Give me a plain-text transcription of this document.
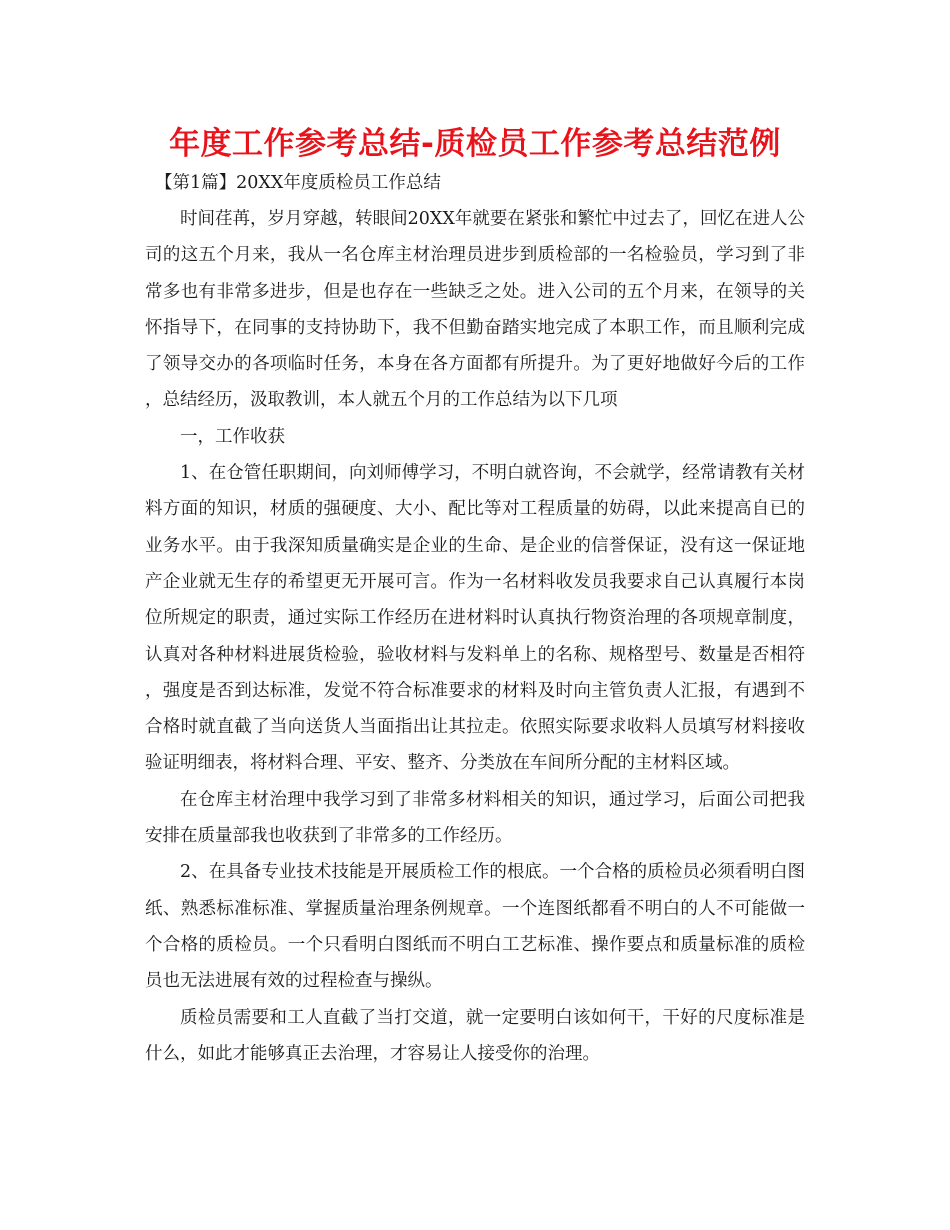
年度工作参考总结-质检员工作参考总结范例

【第1篇】20XX年度质检员工作总结

时间荏苒，岁月穿越，转眼间20XX年就要在紧张和繁忙中过去了，回忆在进人公司的这五个月来，我从一名仓库主材治理员进步到质检部的一名检验员，学习到了非常多也有非常多进步，但是也存在一些缺乏之处。进入公司的五个月来，在领导的关怀指导下，在同事的支持协助下，我不但勤奋踏实地完成了本职工作，而且顺利完成了领导交办的各项临时任务，本身在各方面都有所提升。为了更好地做好今后的工作，总结经历，汲取教训，本人就五个月的工作总结为以下几项

一，工作收获

1、在仓管任职期间，向刘师傅学习，不明白就咨询，不会就学，经常请教有关材料方面的知识，材质的强硬度、大小、配比等对工程质量的妨碍，以此来提高自已的业务水平。由于我深知质量确实是企业的生命、是企业的信誉保证，没有这一保证地产企业就无生存的希望更无开展可言。作为一名材料收发员我要求自己认真履行本岗位所规定的职责，通过实际工作经历在进材料时认真执行物资治理的各项规章制度，认真对各种材料进展货检验，验收材料与发料单上的名称、规格型号、数量是否相符，强度是否到达标准，发觉不符合标准要求的材料及时向主管负责人汇报，有遇到不合格时就直截了当向送货人当面指出让其拉走。依照实际要求收料人员填写材料接收验证明细表，将材料合理、平安、整齐、分类放在车间所分配的主材料区域。

在仓库主材治理中我学习到了非常多材料相关的知识，通过学习，后面公司把我安排在质量部我也收获到了非常多的工作经历。

2、在具备专业技术技能是开展质检工作的根底。一个合格的质检员必须看明白图纸、熟悉标准标准、掌握质量治理条例规章。一个连图纸都看不明白的人不可能做一个合格的质检员。一个只看明白图纸而不明白工艺标准、操作要点和质量标准的质检员也无法进展有效的过程检查与操纵。

质检员需要和工人直截了当打交道，就一定要明白该如何干，干好的尺度标准是什么，如此才能够真正去治理，才容易让人接受你的治理。
